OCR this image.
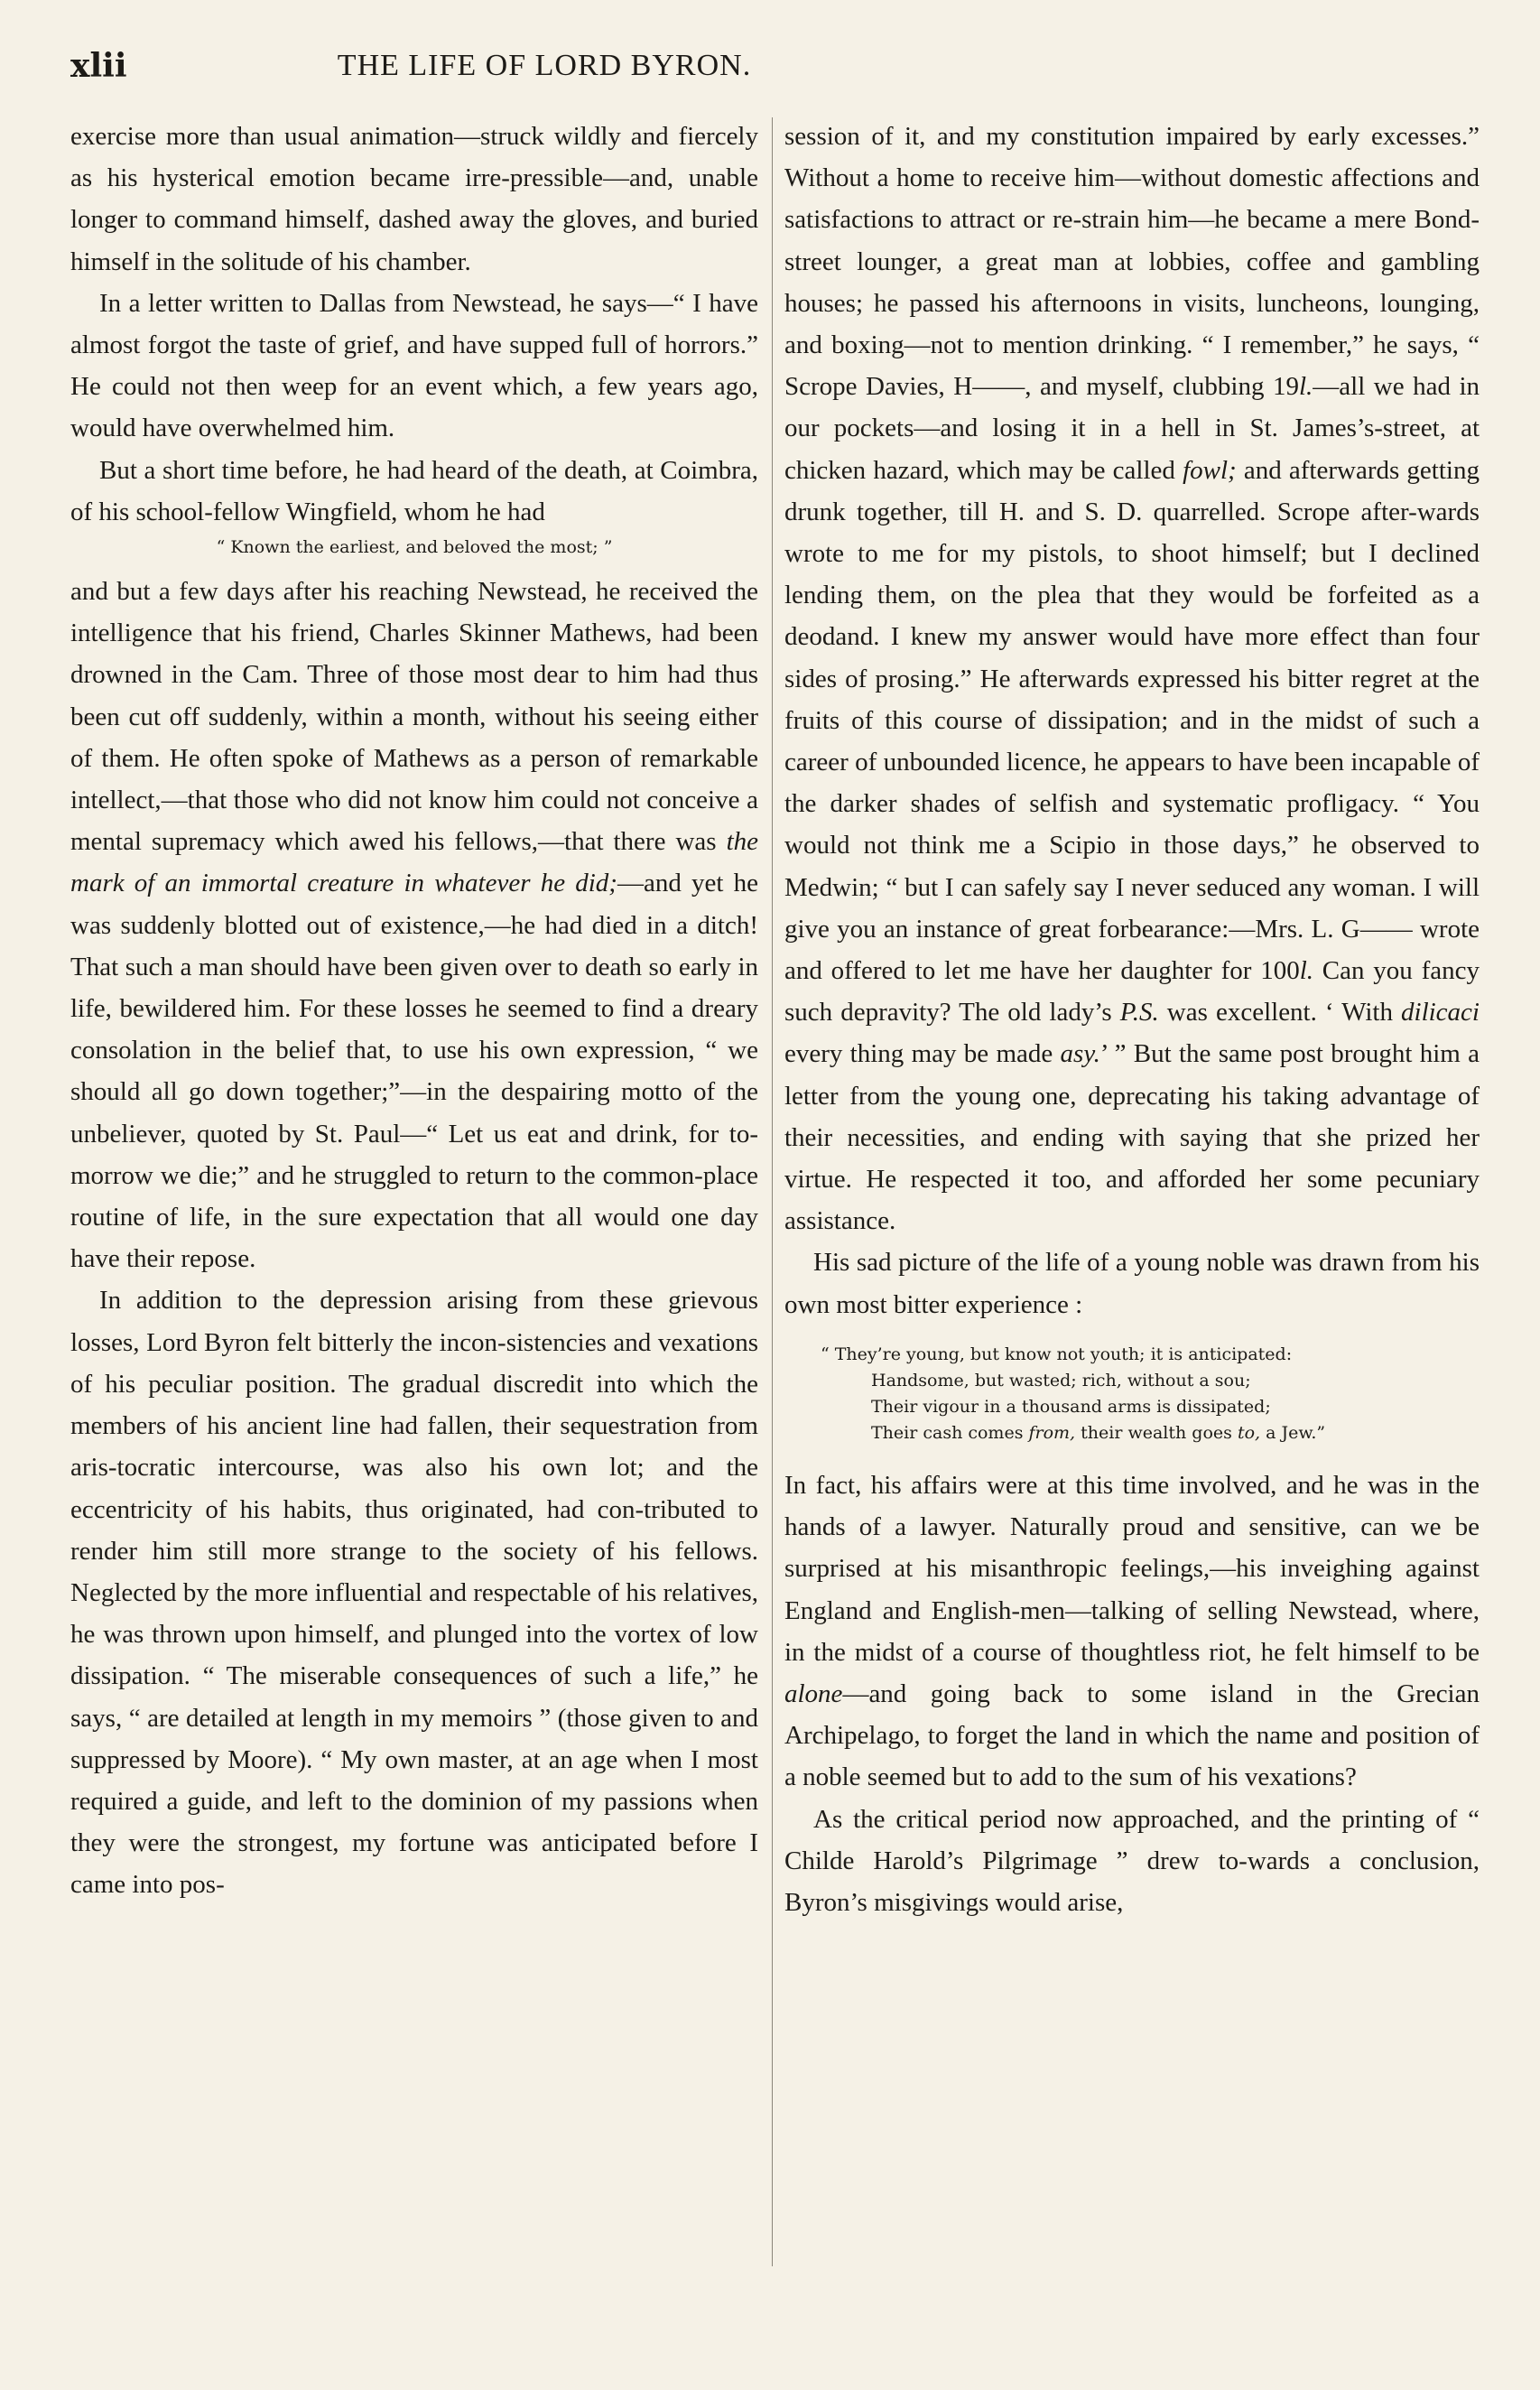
xlii	THE LIFE OF LORD BYRON.

exercise more than usual animation—struck wildly and fiercely as his hysterical emotion became irre-pressible—and, unable longer to command himself, dashed away the gloves, and buried himself in the solitude of his chamber.

In a letter written to Dallas from Newstead, he says—“ I have almost forgot the taste of grief, and have supped full of horrors.” He could not then weep for an event which, a few years ago, would have overwhelmed him.

But a short time before, he had heard of the death, at Coimbra, of his school-fellow Wingfield, whom he had

“ Known the earliest, and beloved the most; ”

and but a few days after his reaching Newstead, he received the intelligence that his friend, Charles Skinner Mathews, had been drowned in the Cam. Three of those most dear to him had thus been cut off suddenly, within a month, without his seeing either of them. He often spoke of Mathews as a person of remarkable intellect,—that those who did not know him could not conceive a mental supremacy which awed his fellows,—that there was the mark of an immortal creature in whatever he did;—and yet he was suddenly blotted out of existence,—he had died in a ditch! That such a man should have been given over to death so early in life, bewildered him. For these losses he seemed to find a dreary consolation in the belief that, to use his own expression, “ we should all go down together;”—in the despairing motto of the unbeliever, quoted by St. Paul—“ Let us eat and drink, for to-morrow we die;” and he struggled to return to the common-place routine of life, in the sure expectation that all would one day have their repose.

In addition to the depression arising from these grievous losses, Lord Byron felt bitterly the incon-sistencies and vexations of his peculiar position. The gradual discredit into which the members of his ancient line had fallen, their sequestration from aris-tocratic intercourse, was also his own lot; and the eccentricity of his habits, thus originated, had con-tributed to render him still more strange to the society of his fellows. Neglected by the more influential and respectable of his relatives, he was thrown upon himself, and plunged into the vortex of low dissipation. “ The miserable consequences of such a life,” he says, “ are detailed at length in my memoirs ” (those given to and suppressed by Moore). “ My own master, at an age when I most required a guide, and left to the dominion of my passions when they were the strongest, my fortune was anticipated before I came into pos-

session of it, and my constitution impaired by early excesses.” Without a home to receive him—without domestic affections and satisfactions to attract or re-strain him—he became a mere Bond-street lounger, a great man at lobbies, coffee and gambling houses; he passed his afternoons in visits, luncheons, lounging, and boxing—not to mention drinking. “ I remember,” he says, “ Scrope Davies, H——, and myself, clubbing 19l.—all we had in our pockets—and losing it in a hell in St. James’s-street, at chicken hazard, which may be called fowl; and afterwards getting drunk together, till H. and S. D. quarrelled. Scrope after-wards wrote to me for my pistols, to shoot himself; but I declined lending them, on the plea that they would be forfeited as a deodand. I knew my answer would have more effect than four sides of prosing.” He afterwards expressed his bitter regret at the fruits of this course of dissipation; and in the midst of such a career of unbounded licence, he appears to have been incapable of the darker shades of selfish and systematic profligacy. “ You would not think me a Scipio in those days,” he observed to Medwin; “ but I can safely say I never seduced any woman. I will give you an instance of great forbearance:—Mrs. L. G—— wrote and offered to let me have her daughter for 100l. Can you fancy such depravity? The old lady’s P.S. was excellent. ‘ With dilicaci every thing may be made asy.’ ” But the same post brought him a letter from the young one, deprecating his taking advantage of their necessities, and ending with saying that she prized her virtue. He respected it too, and afforded her some pecuniary assistance.

His sad picture of the life of a young noble was drawn from his own most bitter experience :

“ They’re young, but know not youth; it is anticipated:
Handsome, but wasted; rich, without a sou;
Their vigour in a thousand arms is dissipated;
Their cash comes from, their wealth goes to, a Jew.”

In fact, his affairs were at this time involved, and he was in the hands of a lawyer. Naturally proud and sensitive, can we be surprised at his misanthropic feelings,—his inveighing against England and English-men—talking of selling Newstead, where, in the midst of a course of thoughtless riot, he felt himself to be alone—and going back to some island in the Grecian Archipelago, to forget the land in which the name and position of a noble seemed but to add to the sum of his vexations?

As the critical period now approached, and the printing of “ Childe Harold’s Pilgrimage ” drew to-wards a conclusion, Byron’s misgivings would arise,
